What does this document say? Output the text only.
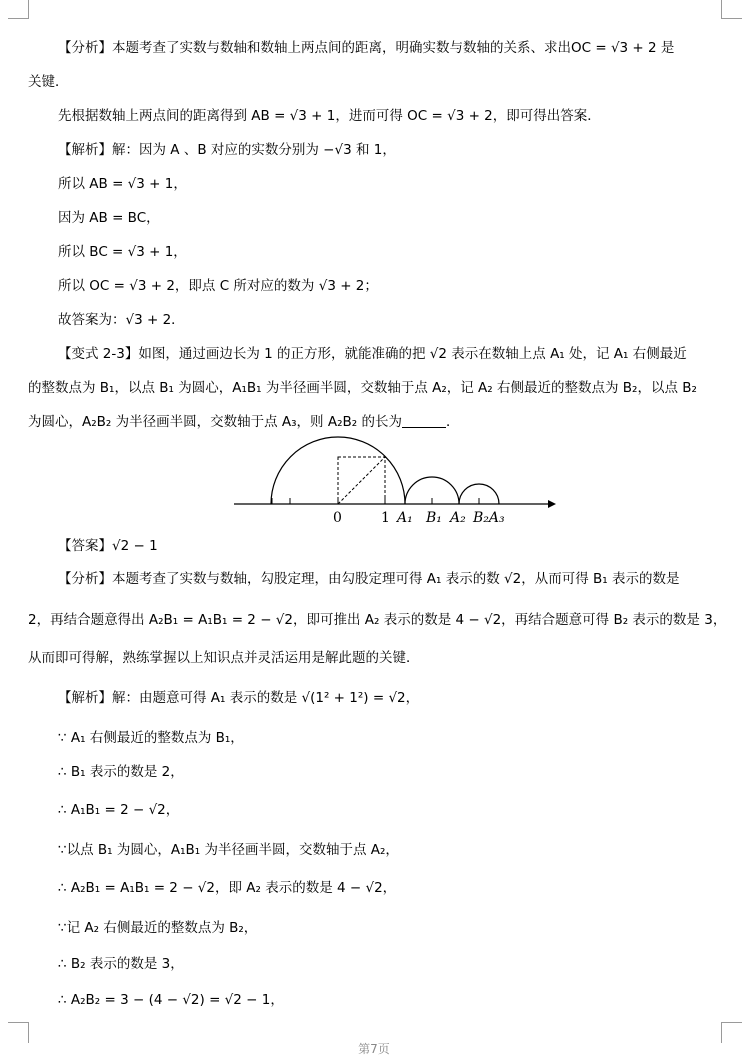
【分析】本题考查了实数与数轴和数轴上两点间的距离，明确实数与数轴的关系、求出OC = √3 + 2 是
关键．
先根据数轴上两点间的距离得到 AB = √3 + 1，进而可得 OC = √3 + 2，即可得出答案．
【解析】解：因为 A 、B 对应的实数分别为 −√3 和 1，
所以 AB = √3 + 1，
因为 AB = BC，
所以 BC = √3 + 1，
所以 OC = √3 + 2，即点 C 所对应的数为 √3 + 2；
故答案为：√3 + 2．
【变式 2-3】如图，通过画边长为 1 的正方形，就能准确的把 √2 表示在数轴上点 A₁ 处，记 A₁ 右侧最近
的整数点为 B₁，以点 B₁ 为圆心，A₁B₁ 为半径画半圆，交数轴于点 A₂，记 A₂ 右侧最近的整数点为 B₂，以点 B₂
为圆心，A₂B₂ 为半径画半圆，交数轴于点 A₃，则 A₂B₂ 的长为	．
0	1 A₁ B₁ A₂ B₂A₃
【答案】√2 − 1
【分析】本题考查了实数与数轴，勾股定理，由勾股定理可得 A₁ 表示的数 √2，从而可得 B₁ 表示的数是
2，再结合题意得出 A₂B₁ = A₁B₁ = 2 − √2，即可推出 A₂ 表示的数是 4 − √2，再结合题意可得 B₂ 表示的数是 3，
从而即可得解，熟练掌握以上知识点并灵活运用是解此题的关键．
【解析】解：由题意可得 A₁ 表示的数是 √(1² + 1²) = √2，
∵ A₁ 右侧最近的整数点为 B₁，
∴ B₁ 表示的数是 2，
∴ A₁B₁ = 2 − √2，
∵以点 B₁ 为圆心，A₁B₁ 为半径画半圆，交数轴于点 A₂，
∴ A₂B₁ = A₁B₁ = 2 − √2，即 A₂ 表示的数是 4 − √2，
∵记 A₂ 右侧最近的整数点为 B₂，
∴ B₂ 表示的数是 3，
∴ A₂B₂ = 3 − (4 − √2) = √2 − 1，
第7页
